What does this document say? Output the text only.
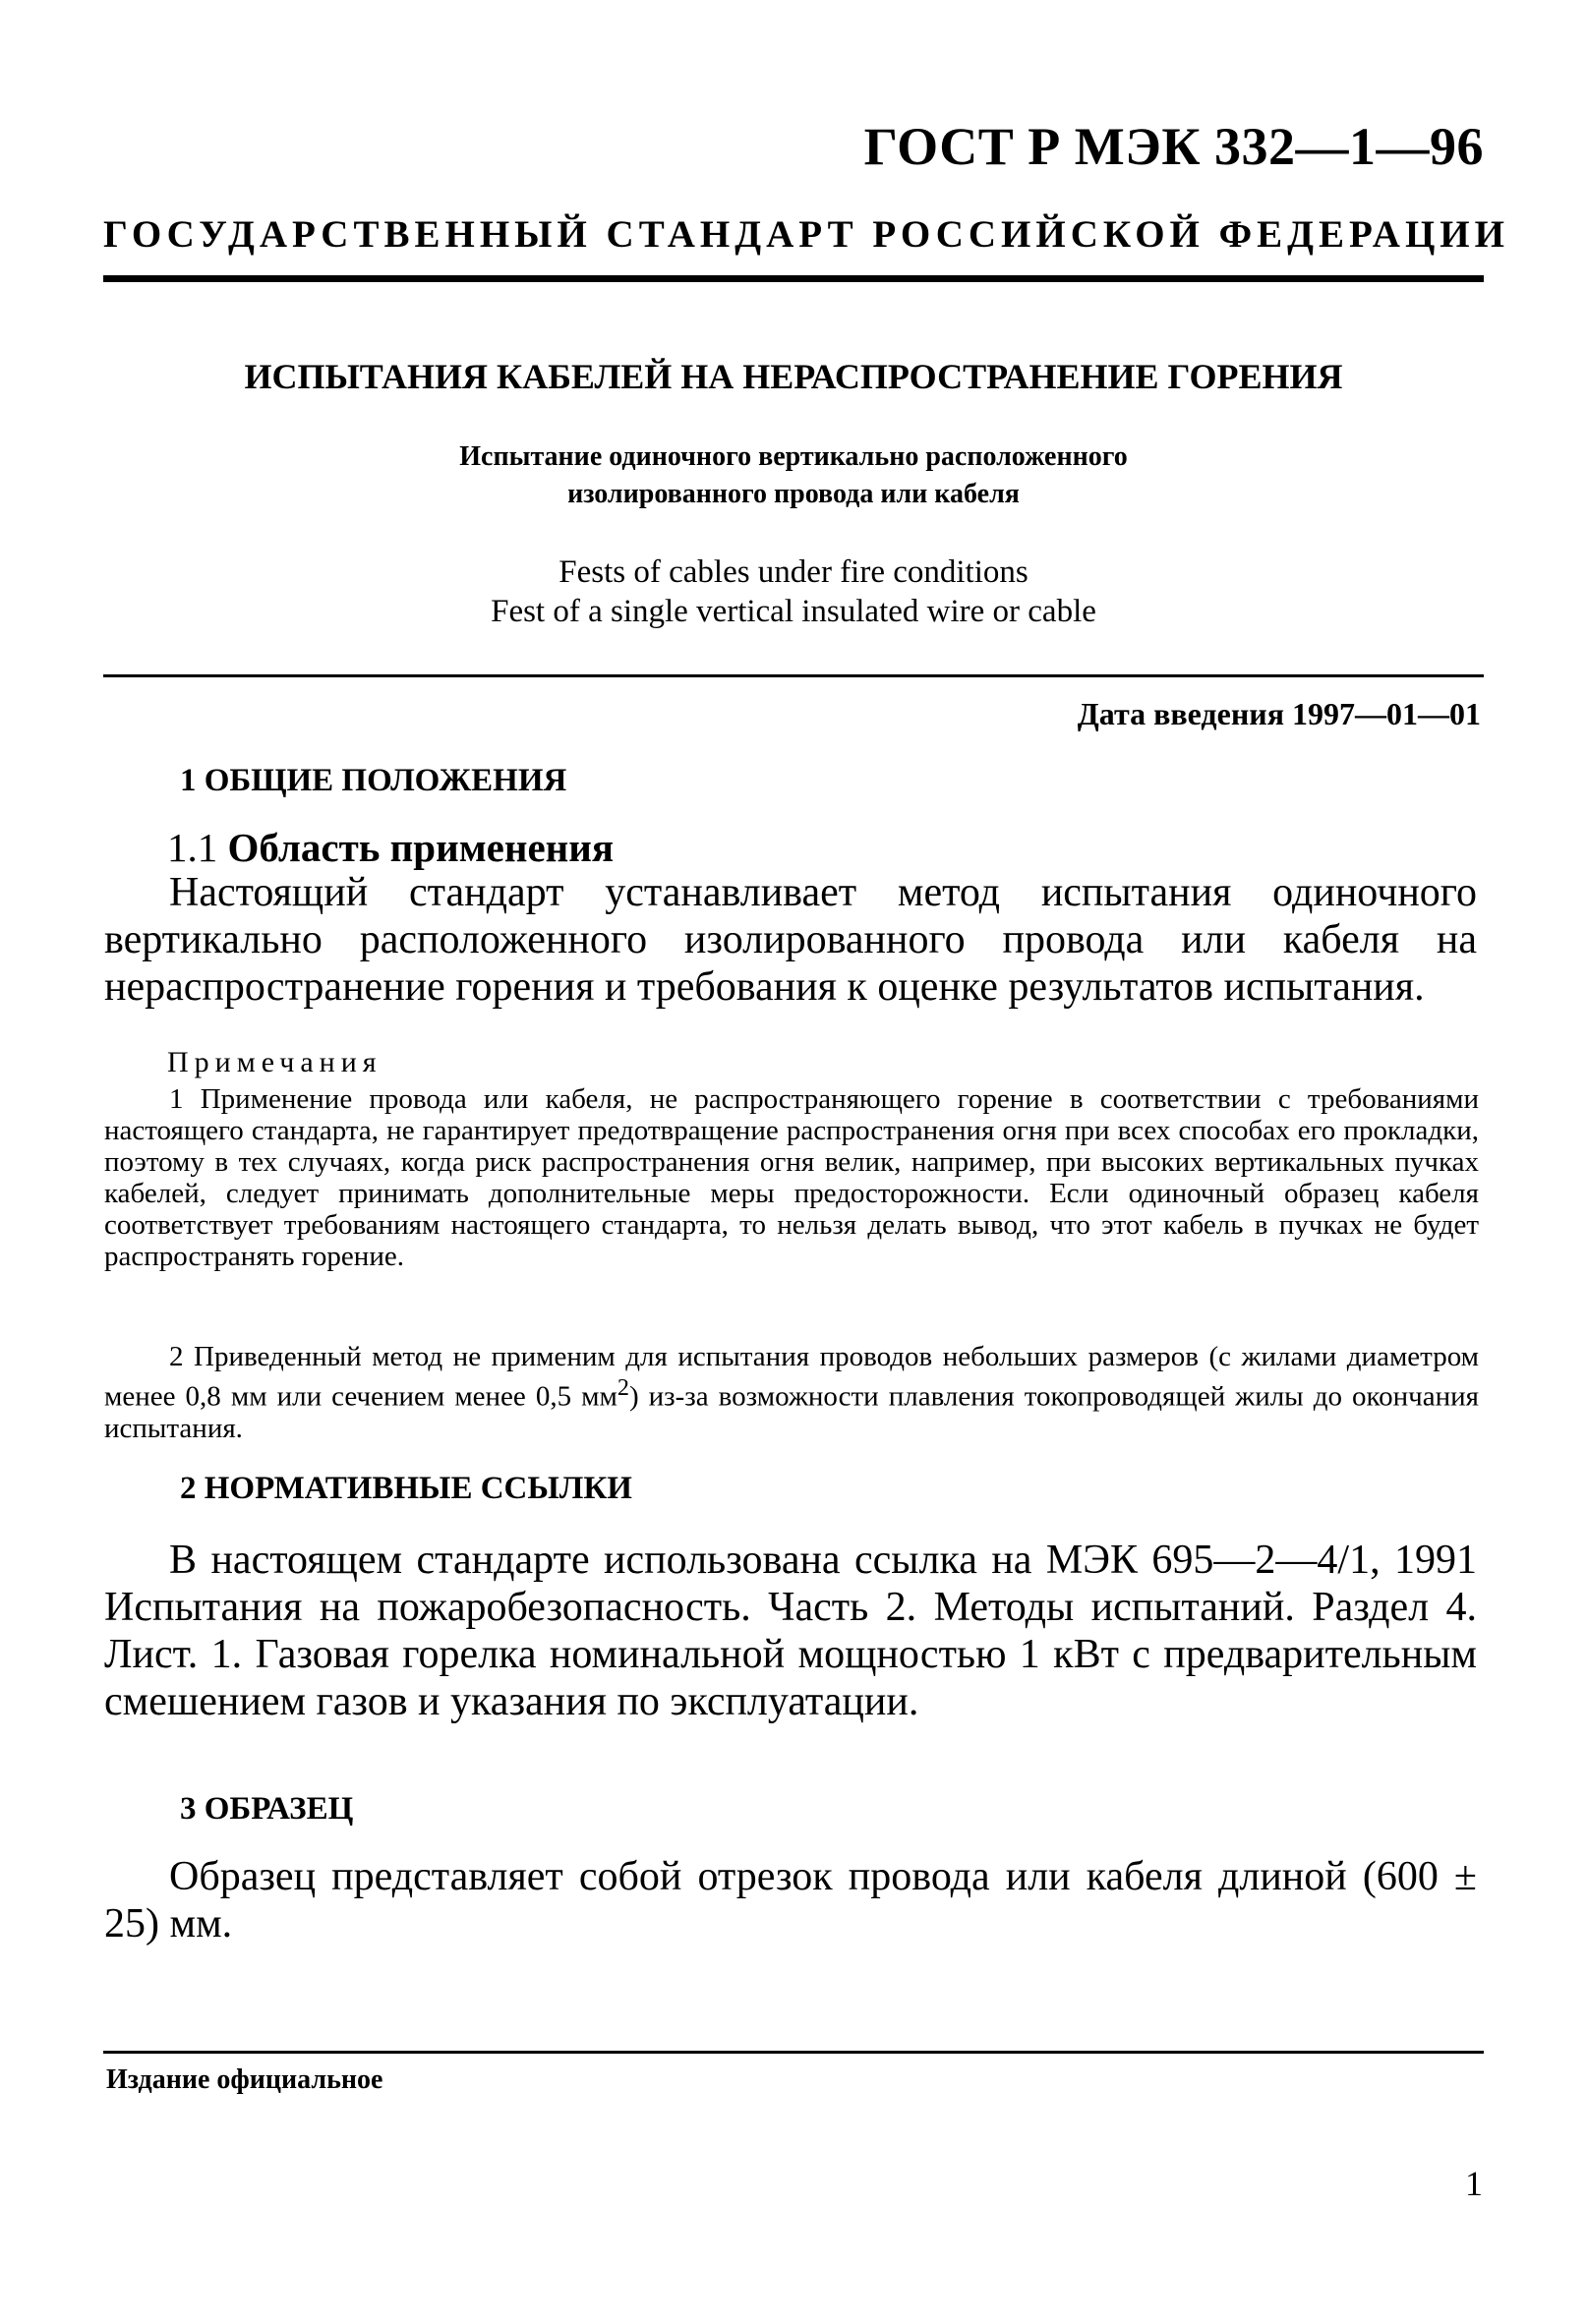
ГОСТ Р МЭК 332—1—96
ГОСУДАРСТВЕННЫЙ СТАНДАРТ РОССИЙСКОЙ ФЕДЕРАЦИИ
ИСПЫТАНИЯ КАБЕЛЕЙ НА НЕРАСПРОСТРАНЕНИЕ ГОРЕНИЯ
Испытание одиночного вертикально расположенного
изолированного провода или кабеля
Fests of cables under fire conditions
Fest of a single vertical insulated wire or cable
Дата введения 1997—01—01
1 ОБЩИЕ ПОЛОЖЕНИЯ
1.1 Область применения
Настоящий стандарт устанавливает метод испытания одиночного вертикально расположенного изолированного провода или кабеля на нераспространение горения и требования к оценке результатов испытания.
Примечания
1 Применение провода или кабеля, не распространяющего горение в соответствии с требованиями настоящего стандарта, не гарантирует предотвращение распространения огня при всех способах его прокладки, поэтому в тех случаях, когда риск распространения огня велик, например, при высоких вертикальных пучках кабелей, следует принимать дополнительные меры предосторожности. Если одиночный образец кабеля соответствует требованиям настоящего стандарта, то нельзя делать вывод, что этот кабель в пучках не будет распространять горение.
2 Приведенный метод не применим для испытания проводов небольших размеров (с жилами диаметром менее 0,8 мм или сечением менее 0,5 $мм^2$) из-за возможности плавления токопроводящей жилы до окончания испытания.
2 НОРМАТИВНЫЕ ССЫЛКИ
В настоящем стандарте использована ссылка на МЭК 695—2—4/1, 1991 Испытания на пожаробезопасность. Часть 2. Методы испытаний. Раздел 4. Лист. 1. Газовая горелка номинальной мощностью 1 кВт с предварительным смешением газов и указания по эксплуатации.
3 ОБРАЗЕЦ
Образец представляет собой отрезок провода или кабеля длиной (600 ± 25) мм.
Издание официальное
1
